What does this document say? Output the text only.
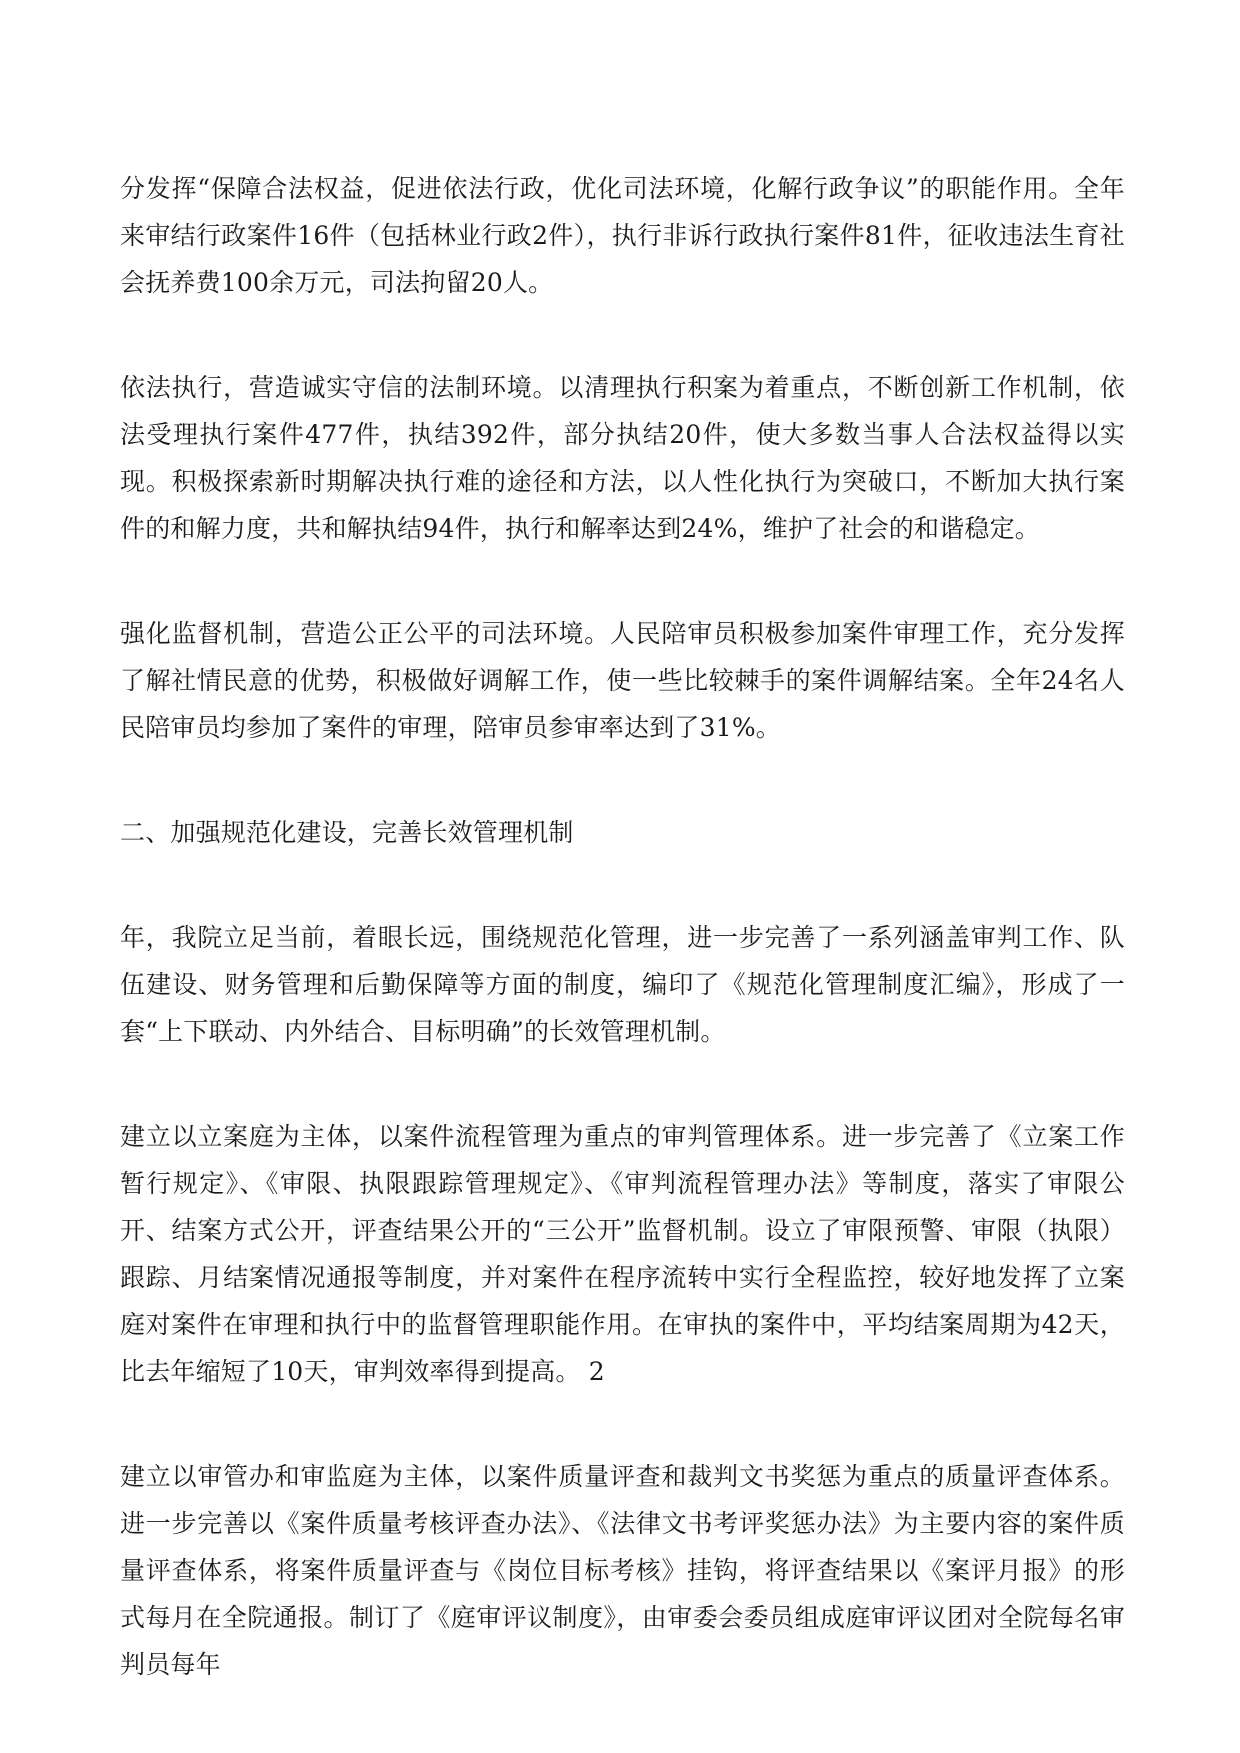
分发挥“保障合法权益，促进依法行政，优化司法环境，化解行政争议”的职能作用。全年来审结行政案件16件（包括林业行政2件），执行非诉行政执行案件81件，征收违法生育社会抚养费100余万元，司法拘留20人。

依法执行，营造诚实守信的法制环境。以清理执行积案为着重点，不断创新工作机制，依法受理执行案件477件，执结392件，部分执结20件，使大多数当事人合法权益得以实现。积极探索新时期解决执行难的途径和方法，以人性化执行为突破口，不断加大执行案件的和解力度，共和解执结94件，执行和解率达到24%，维护了社会的和谐稳定。

强化监督机制，营造公正公平的司法环境。人民陪审员积极参加案件审理工作，充分发挥了解社情民意的优势，积极做好调解工作，使一些比较棘手的案件调解结案。全年24名人民陪审员均参加了案件的审理，陪审员参审率达到了31%。

二、加强规范化建设，完善长效管理机制

年，我院立足当前，着眼长远，围绕规范化管理，进一步完善了一系列涵盖审判工作、队伍建设、财务管理和后勤保障等方面的制度，编印了《规范化管理制度汇编》，形成了一套“上下联动、内外结合、目标明确”的长效管理机制。

建立以立案庭为主体，以案件流程管理为重点的审判管理体系。进一步完善了《立案工作暂行规定》、《审限、执限跟踪管理规定》、《审判流程管理办法》等制度，落实了审限公开、结案方式公开，评查结果公开的“三公开”监督机制。设立了审限预警、审限（执限）跟踪、月结案情况通报等制度，并对案件在程序流转中实行全程监控，较好地发挥了立案庭对案件在审理和执行中的监督管理职能作用。在审执的案件中，平均结案周期为42天，比去年缩短了10天，审判效率得到提高。 2

建立以审管办和审监庭为主体，以案件质量评查和裁判文书奖惩为重点的质量评查体系。进一步完善以《案件质量考核评查办法》、《法律文书考评奖惩办法》为主要内容的案件质量评查体系，将案件质量评查与《岗位目标考核》挂钩，将评查结果以《案评月报》的形式每月在全院通报。制订了《庭审评议制度》，由审委会委员组成庭审评议团对全院每名审判员每年
